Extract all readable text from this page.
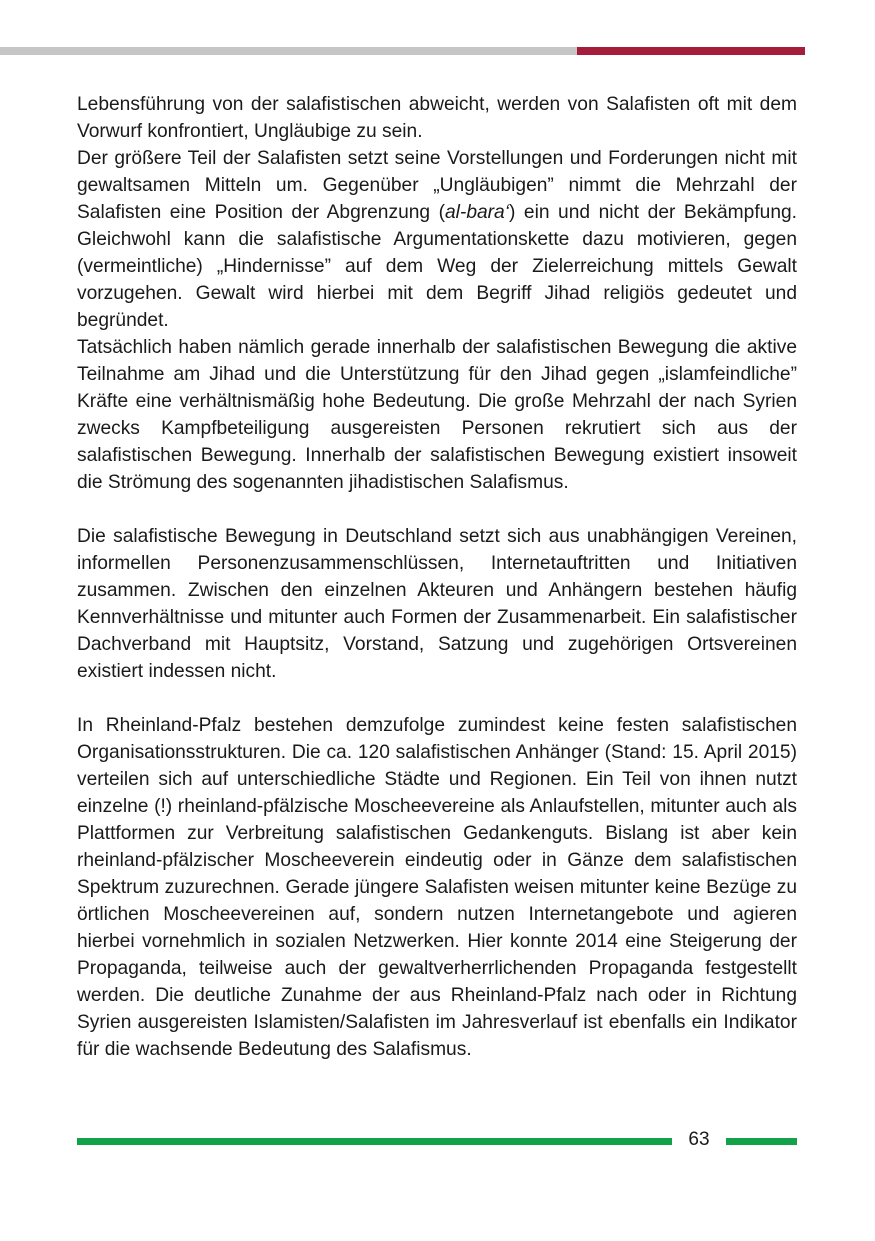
Lebensführung von der salafistischen abweicht, werden von Salafisten oft mit dem Vorwurf konfrontiert, Ungläubige zu sein.

Der größere Teil der Salafisten setzt seine Vorstellungen und Forderungen nicht mit gewaltsamen Mitteln um. Gegenüber „Ungläubigen” nimmt die Mehrzahl der Salafisten eine Position der Abgrenzung (al-bara‘) ein und nicht der Bekämpfung. Gleichwohl kann die salafistische Argumentationskette dazu motivieren, gegen (vermeintliche) „Hindernisse” auf dem Weg der Zielerreichung mittels Gewalt vorzugehen. Gewalt wird hierbei mit dem Begriff Jihad religiös gedeutet und begründet.

Tatsächlich haben nämlich gerade innerhalb der salafistischen Bewegung die aktive Teilnahme am Jihad und die Unterstützung für den Jihad gegen „islamfeindliche” Kräfte eine verhältnismäßig hohe Bedeutung. Die große Mehrzahl der nach Syrien zwecks Kampfbeteiligung ausgereisten Personen rekrutiert sich aus der salafistischen Bewegung. Innerhalb der salafistischen Bewegung existiert insoweit die Strömung des sogenannten jihadistischen Salafismus.

Die salafistische Bewegung in Deutschland setzt sich aus unabhängigen Vereinen, informellen Personenzusammenschlüssen, Internetauftritten und Initiativen zusammen. Zwischen den einzelnen Akteuren und Anhängern bestehen häufig Kennverhältnisse und mitunter auch Formen der Zusammenarbeit. Ein salafistischer Dachverband mit Hauptsitz, Vorstand, Satzung und zugehörigen Ortsvereinen existiert indessen nicht.

In Rheinland-Pfalz bestehen demzufolge zumindest keine festen salafistischen Organisationsstrukturen. Die ca. 120 salafistischen Anhänger (Stand: 15. April 2015) verteilen sich auf unterschiedliche Städte und Regionen. Ein Teil von ihnen nutzt einzelne (!) rheinland-pfälzische Moscheevereine als Anlaufstellen, mitunter auch als Plattformen zur Verbreitung salafistischen Gedankenguts. Bislang ist aber kein rheinland-pfälzischer Moscheeverein eindeutig oder in Gänze dem salafistischen Spektrum zuzurechnen. Gerade jüngere Salafisten weisen mitunter keine Bezüge zu örtlichen Moscheevereinen auf, sondern nutzen Internetangebote und agieren hierbei vornehmlich in sozialen Netzwerken. Hier konnte 2014 eine Steigerung der Propaganda, teilweise auch der gewaltverherrlichenden Propaganda festgestellt werden. Die deutliche Zunahme der aus Rheinland-Pfalz nach oder in Richtung Syrien ausgereisten Islamisten/Salafisten im Jahresverlauf ist ebenfalls ein Indikator für die wachsende Bedeutung des Salafismus.

63
